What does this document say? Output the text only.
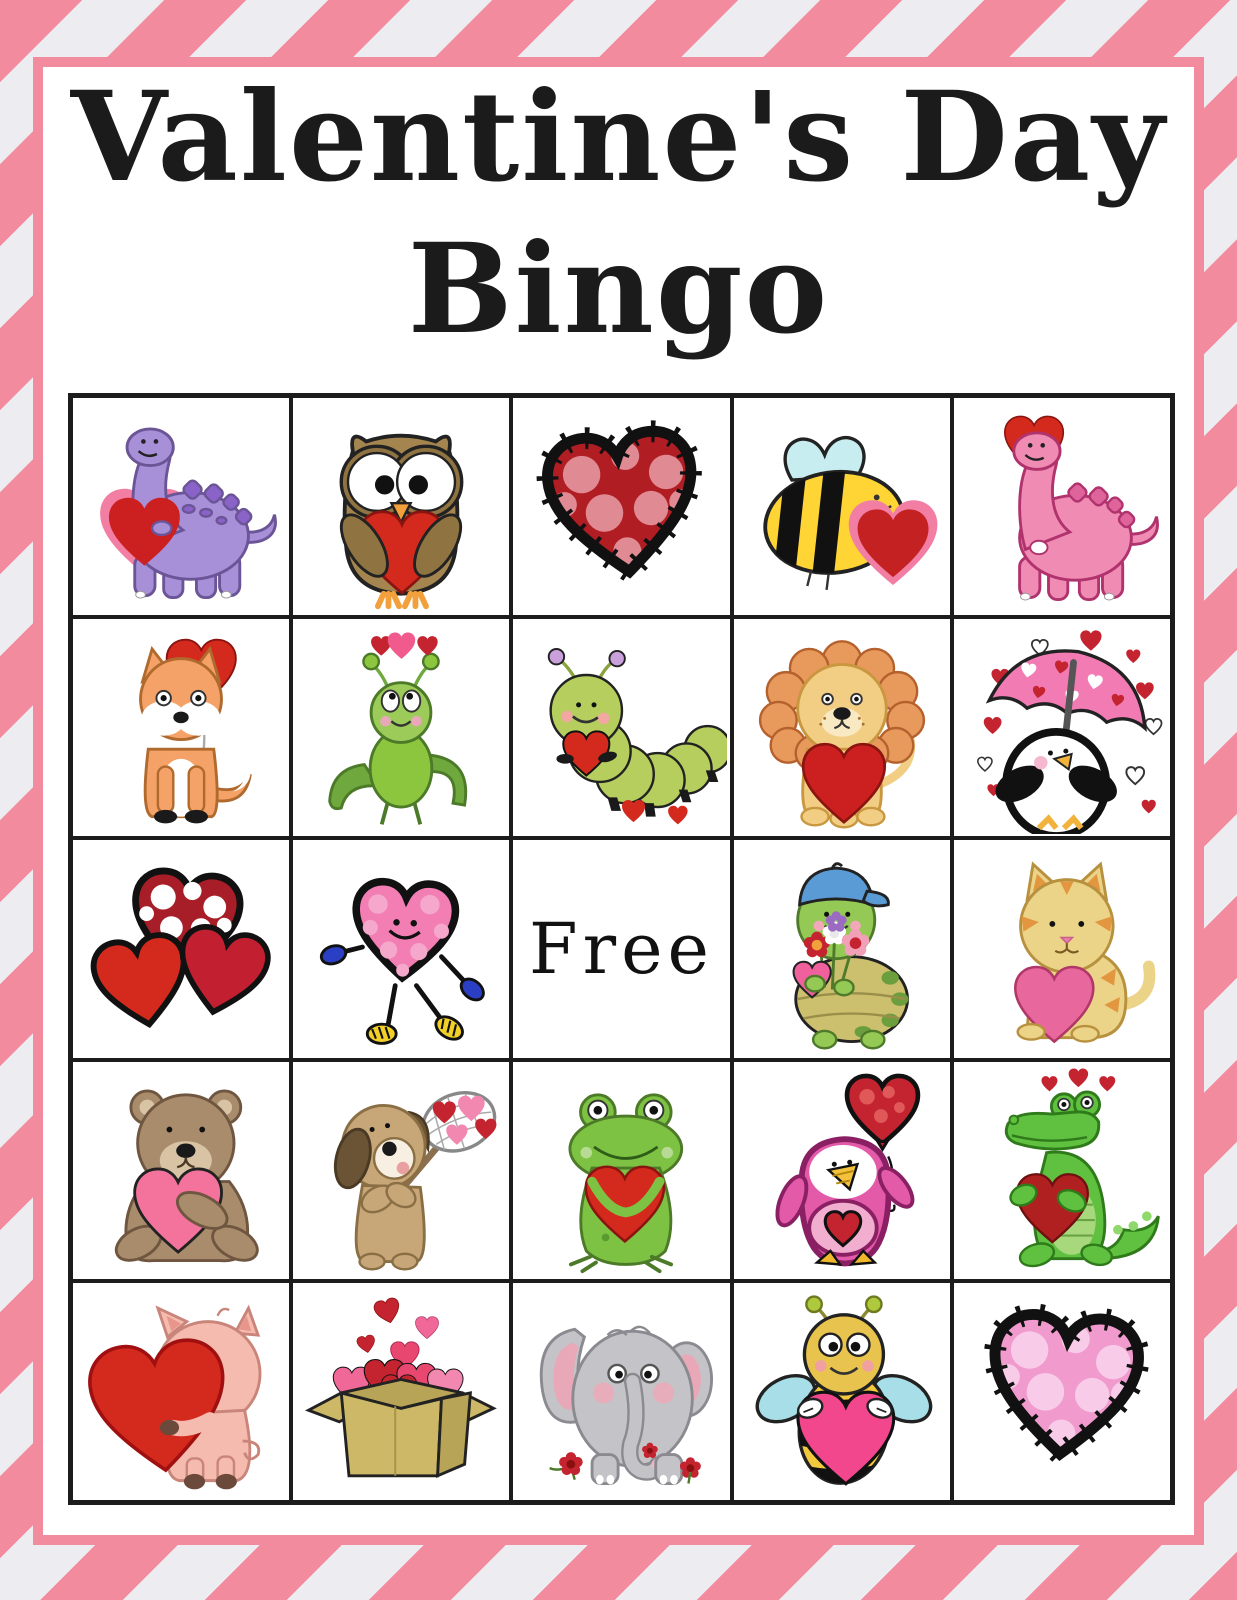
Valentine's Day
Bingo
Free
